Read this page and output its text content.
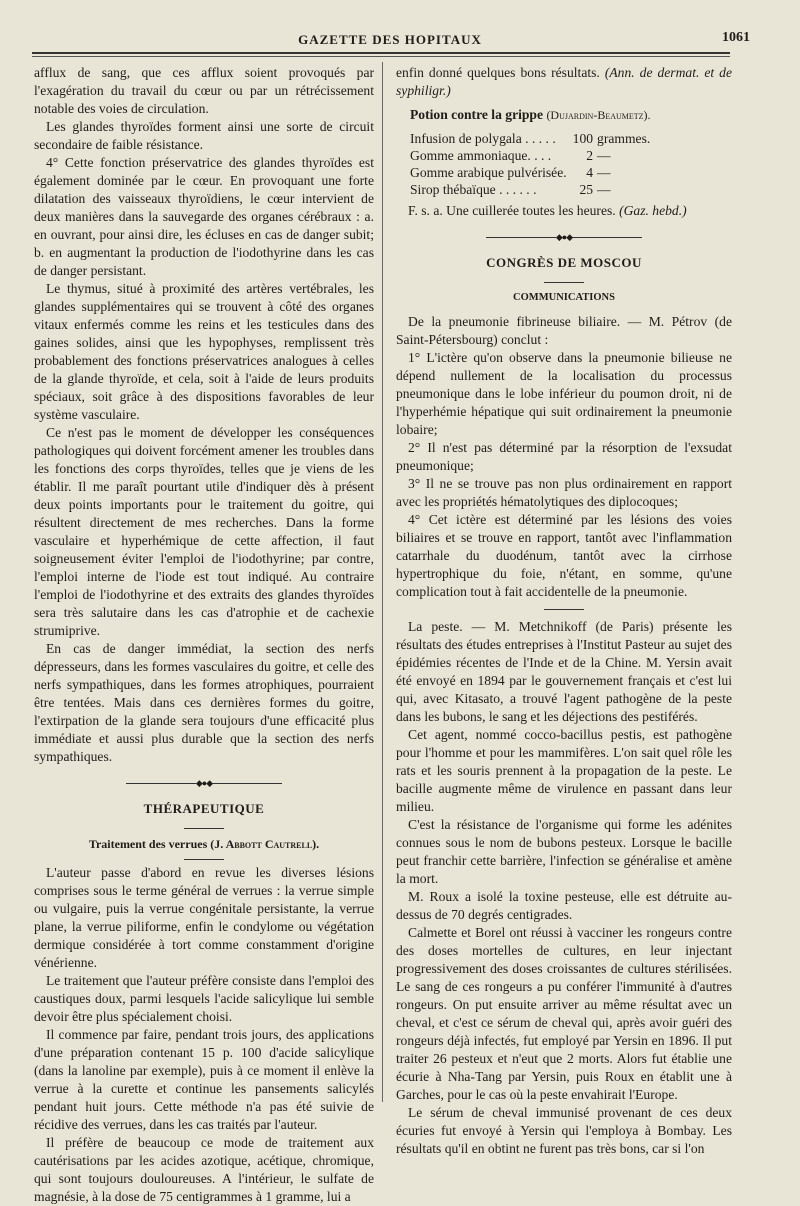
GAZETTE DES HOPITAUX	1061

afflux de sang, que ces afflux soient provoqués par l'exagération du travail du cœur ou par un rétrécissement notable des voies de circulation.

Les glandes thyroïdes forment ainsi une sorte de circuit secondaire de faible résistance.

4° Cette fonction préservatrice des glandes thyroïdes est également dominée par le cœur. En provoquant une forte dilatation des vaisseaux thyroïdiens, le cœur intervient de deux manières dans la sauvegarde des organes cérébraux : a. en ouvrant, pour ainsi dire, les écluses en cas de danger subit; b. en augmentant la production de l'iodothyrine dans les cas de danger persistant.

Le thymus, situé à proximité des artères vertébrales, les glandes supplémentaires qui se trouvent à côté des organes vitaux enfermés comme les reins et les testicules dans des gaines solides, ainsi que les hypophyses, remplissent très probablement des fonctions préservatrices analogues à celles de la glande thyroïde, et cela, soit à l'aide de leurs produits spéciaux, soit grâce à des dispositions favorables de leur système vasculaire.

Ce n'est pas le moment de développer les conséquences pathologiques qui doivent forcément amener les troubles dans les fonctions des corps thyroïdes, telles que je viens de les établir. Il me paraît pourtant utile d'indiquer dès à présent deux points importants pour le traitement du goitre, qui résultent directement de mes recherches. Dans la forme vasculaire et hyperhémique de cette affection, il faut soigneusement éviter l'emploi de l'iodothyrine; par contre, l'emploi interne de l'iode est tout indiqué. Au contraire l'emploi de l'iodothyrine et des extraits des glandes thyroïdes sera très salutaire dans les cas d'atrophie et de cachexie strumiprive.

En cas de danger immédiat, la section des nerfs dépresseurs, dans les formes vasculaires du goitre, et celle des nerfs sympathiques, dans les formes atrophiques, pourraient être tentées. Mais dans ces dernières formes du goitre, l'extirpation de la glande sera toujours d'une efficacité plus immédiate et aussi plus durable que la section des nerfs sympathiques.

◆●◆
THÉRAPEUTIQUE
Traitement des verrues (J. Abbott Cautrell).

L'auteur passe d'abord en revue les diverses lésions comprises sous le terme général de verrues : la verrue simple ou vulgaire, puis la verrue congénitale persistante, la verrue plane, la verrue piliforme, enfin le condylome ou végétation dermique considérée à tort comme constamment d'origine vénérienne.

Le traitement que l'auteur préfère consiste dans l'emploi des caustiques doux, parmi lesquels l'acide salicylique lui semble devoir être plus spécialement choisi.

Il commence par faire, pendant trois jours, des applications d'une préparation contenant 15 p. 100 d'acide salicylique (dans la lanoline par exemple), puis à ce moment il enlève la verrue à la curette et continue les pansements salicylés pendant huit jours. Cette méthode n'a pas été suivie de récidive des verrues, dans les cas traités par l'auteur.

Il préfère de beaucoup ce mode de traitement aux cautérisations par les acides azotique, acétique, chromique, qui sont toujours douloureuses. A l'intérieur, le sulfate de magnésie, à la dose de 75 centigrammes à 1 gramme, lui a

enfin donné quelques bons résultats. (Ann. de dermat. et de syphiligr.)

Potion contre la grippe (Dujardin-Beaumetz).
Infusion de polygala . . . . .	100	grammes.
Gomme ammoniaque. . . .	2	—
Gomme arabique pulvérisée.	4	—
Sirop thébaïque . . . . . .	25	—

F. s. a. Une cuillerée toutes les heures. (Gaz. hebd.)

◆●◆
CONGRÈS DE MOSCOU
COMMUNICATIONS

De la pneumonie fibrineuse biliaire. — M. Pétrov (de Saint-Pétersbourg) conclut :

1° L'ictère qu'on observe dans la pneumonie bilieuse ne dépend nullement de la localisation du processus pneumonique dans le lobe inférieur du poumon droit, ni de l'hyperhémie hépatique qui suit ordinairement la pneumonie lobaire;

2° Il n'est pas déterminé par la résorption de l'exsudat pneumonique;

3° Il ne se trouve pas non plus ordinairement en rapport avec les propriétés hématolytiques des diplocoques;

4° Cet ictère est déterminé par les lésions des voies biliaires et se trouve en rapport, tantôt avec l'inflammation catarrhale du duodénum, tantôt avec la cirrhose hypertrophique du foie, n'étant, en somme, qu'une complication tout à fait accidentelle de la pneumonie.

La peste. — M. Metchnikoff (de Paris) présente les résultats des études entreprises à l'Institut Pasteur au sujet des épidémies récentes de l'Inde et de la Chine. M. Yersin avait été envoyé en 1894 par le gouvernement français et c'est lui qui, avec Kitasato, a trouvé l'agent pathogène de la peste dans les bubons, le sang et les déjections des pestiférés.

Cet agent, nommé cocco-bacillus pestis, est pathogène pour l'homme et pour les mammifères. L'on sait quel rôle les rats et les souris prennent à la propagation de la peste. Le bacille augmente même de virulence en passant dans leur milieu.

C'est la résistance de l'organisme qui forme les adénites connues sous le nom de bubons pesteux. Lorsque le bacille peut franchir cette barrière, l'infection se généralise et amène la mort.

M. Roux a isolé la toxine pesteuse, elle est détruite au-dessus de 70 degrés centigrades.

Calmette et Borel ont réussi à vacciner les rongeurs contre des doses mortelles de cultures, en leur injectant progressivement des doses croissantes de cultures stérilisées. Le sang de ces rongeurs a pu conférer l'immunité à d'autres rongeurs. On put ensuite arriver au même résultat avec un cheval, et c'est ce sérum de cheval qui, après avoir guéri des rongeurs déjà infectés, fut employé par Yersin en 1896. Il put traiter 26 pesteux et n'eut que 2 morts. Alors fut établie une écurie à Nha-Tang par Yersin, puis Roux en établit une à Garches, pour le cas où la peste envahirait l'Europe.

Le sérum de cheval immunisé provenant de ces deux écuries fut envoyé à Yersin qui l'employa à Bombay. Les résultats qu'il en obtint ne furent pas très bons, car si l'on
